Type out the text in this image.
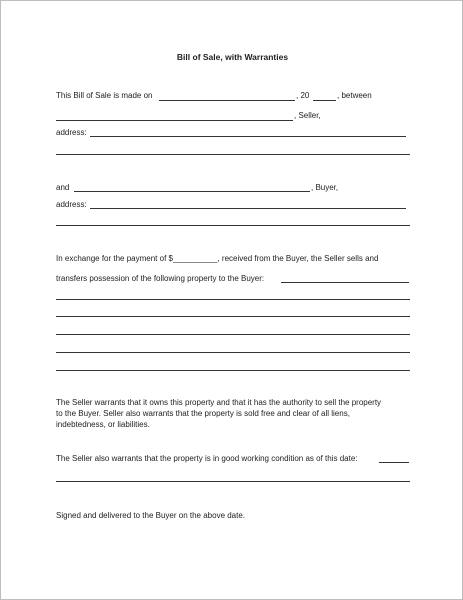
Bill of Sale, with Warranties
This Bill of Sale is made on	, 20	, between
, Seller,
address:
and	, Buyer,
address:
In exchange for the payment of $__________, received from the Buyer, the Seller sells and
transfers possession of the following property to the Buyer:
The Seller warrants that it owns this property and that it has the authority to sell the property
to the Buyer. Seller also warrants that the property is sold free and clear of all liens,
indebtedness, or liabilities.
The Seller also warrants that the property is in good working condition as of this date:
Signed and delivered to the Buyer on the above date.
